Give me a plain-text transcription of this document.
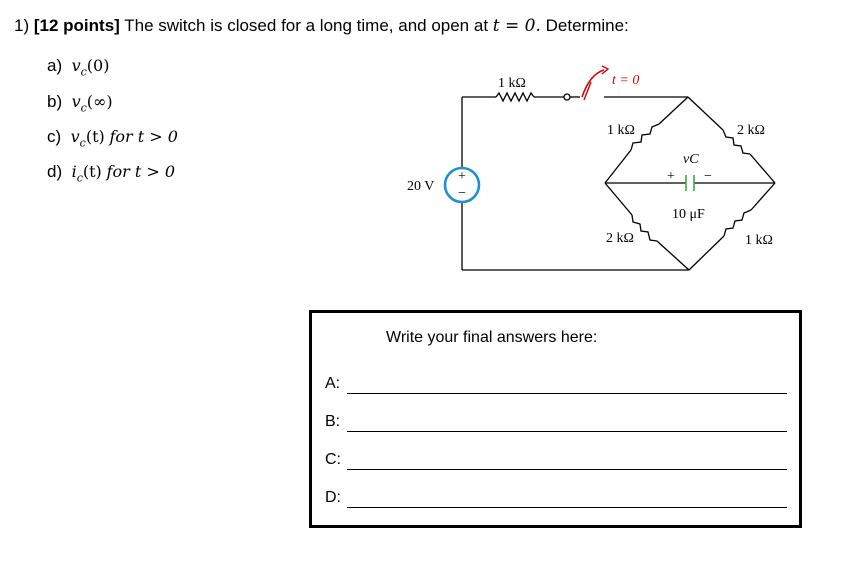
1) [12 points] The switch is closed for a long time, and open at t = 0. Determine:
a) $v_c(0)$
b) $v_c(\infty)$
c) $v_c(t)$ for t > 0
d) $i_c(t)$ for t > 0	+
−
20 V
1 kΩ	t = 0
1 kΩ	2 kΩ
2 kΩ	1 kΩ
vC
+ −
10 μF
Write your final answers here:
A:
B:
C:
D:
